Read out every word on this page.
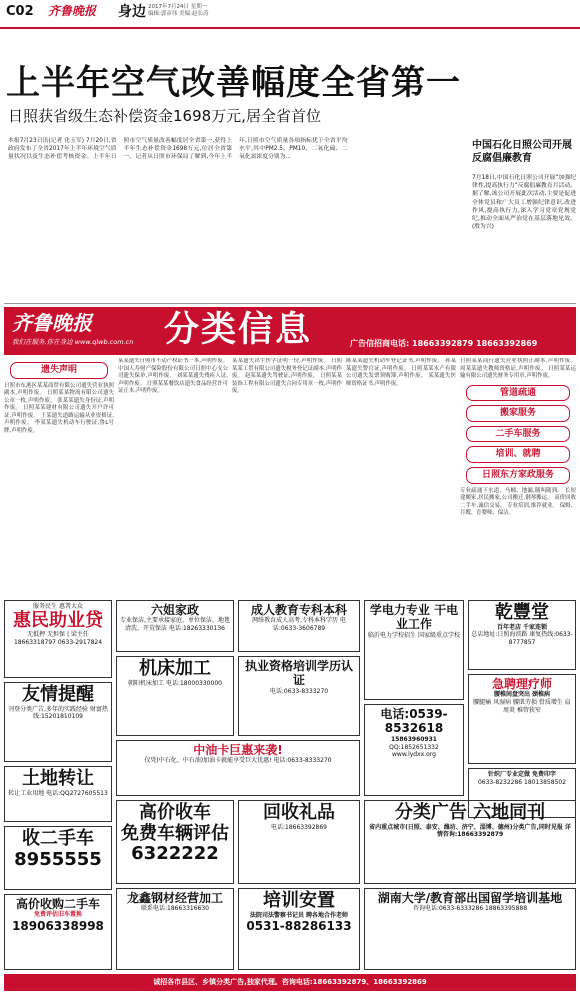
C02 齐鲁晚报 身边 2017年7月24日 星期一
编辑:郭彦伟 美编:赵长涛
上半年空气改善幅度全省第一
日照获省级生态补偿资金1698万元,居全省首位
本报7月23日讯(记者 化玉军) 7月20日,省政府发布了全省2017年上半年环境空气质量状况以及生态补偿考核资金。上半年日照市空气质量改善幅度居全省第一,获得上半年生态补偿资金1698万元,位居全省第一。记者从日照市环保局了解到,今年上半年,日照市空气质量各项指标优于全省平均水平,其中PM2.5、PM10、二氧化硫、二氧化氮浓度分别为...
中国石化日照公司开展反腐倡廉教育
7月18日,中国石化日照公司开展“加强纪律性,提高执行力”反腐倡廉教育月活动。据了解,该公司开展此次活动,主要是促进全体党员和广大员工增强纪律意识,改进作风,提高执行力,深入学习党章党规党纪,推动全面从严治党在基层落地见效。(殷为兴)
齐鲁晚报
我们在服务,你在身边 www.qlwb.com.cn 分类信息	广告信招商电话: 18663392879 18663392869
遗失声明

日照市东港区某某商贸有限公司遗失营业执照副本,声明作废。 日照某某物流有限公司遗失公章一枚,声明作废。 张某某遗失身份证,声明作废。 日照某某建材有限公司遗失开户许可证,声明作废。 王某遗失道路运输从业资格证,声明作废。 李某某遗失机动车行驶证,鲁L号牌,声明作废。

某某遗失日照市不动产权证书一本,声明作废。 中国人寿财产保险股份有限公司日照中心支公司遗失保单,声明作废。 刘某某遗失残疾人证,声明作废。 日照某某餐饮店遗失食品经营许可证正本,声明作废。

某某遗失出生医学证明一份,声明作废。 日照某某工贸有限公司遗失税务登记证副本,声明作废。 赵某某遗失驾驶证,声明作废。 日照某某装饰工程有限公司遗失合同专用章一枚,声明作废。

陈某某遗失机动车登记证书,声明作废。 孙某某遗失警官证,声明作废。 日照某某水产有限公司遗失发票领购簿,声明作废。 某某遗失医师资格证书,声明作废。

日照某某商行遗失营业执照正副本,声明作废。 周某某遗失教师资格证,声明作废。 日照某某运输有限公司遗失财务专用章,声明作废。

管道疏通
搬家服务
二手车服务
培训、就聘
日照东方家政服务

专业疏通下水道、马桶、地漏,随叫随到。 长短途搬家,居民搬家,公司搬迁,钢琴搬运。 高价回收二手车,诚信交易。 专业培训,推荐就业。 保姆、月嫂、育婴师、保洁。

服务民生 惠普大众
惠民助业贷
无抵押 无担保 | 梁主任 18663318797 0633-2917824
六姐家政
专业保洁,主要承接家庭、单位保洁、地毯清洗、开荒保洁 电话:18263330136
成人教育专科本科
网络教育成人高考,专科本科学历 电话:0633-3606789
学电力专业 干电业工作
临沂电力学校招生 国家级重点学校
乾豐堂
百年老店 千家连锁
总店地址:日照海滨路 康复热线:0633-8777857
友情提醒
刊登分类广告,多年的实践经验 财富热线:15201810109
机床加工
朝阳机床加工 电话:18000330000
执业资格培训学历认证
电话:0633-8333270
急聘理疗师
腰椎间盘突出 颈椎病
腰腿痛 风湿病 腰肌劳损 骨质增生 肩周炎 椎管狭窄
土地转让
转让工业用地 电话:QQ2727605513
中油卡巨惠来袭!
仅凭(中石化、中石油)加油卡就能享受巨大优惠! 电话:0633-8333270
电话:0539-8532618
15863960931
QQ:1852651332 www.lydxx.org
针织厂专业定做 免费印字
0633-8232286 18013858502
收二手车
8955555
高价收车
免费车辆评估
6322222
回收礼品
电话:18663392869
分类广告 六地同刊
省内重点城市(日照、泰安、潍坊、济宁、淄博、德州)分类广告,同时见报 详情咨询:18663392879
高价收购二手车
免费评估旧车置换
18906338998
龙鑫钢材经营加工
联系电话:18663316630	培训安置
法院司法警察书记员 聘各地合作老师
0531-88286133
湖南大学/教育部出国留学培训基地
咨询电话:0633-6333286 18863395888
诚招各市县区、乡镇分类广告,独家代理。咨询电话:18663392879、18663392869
